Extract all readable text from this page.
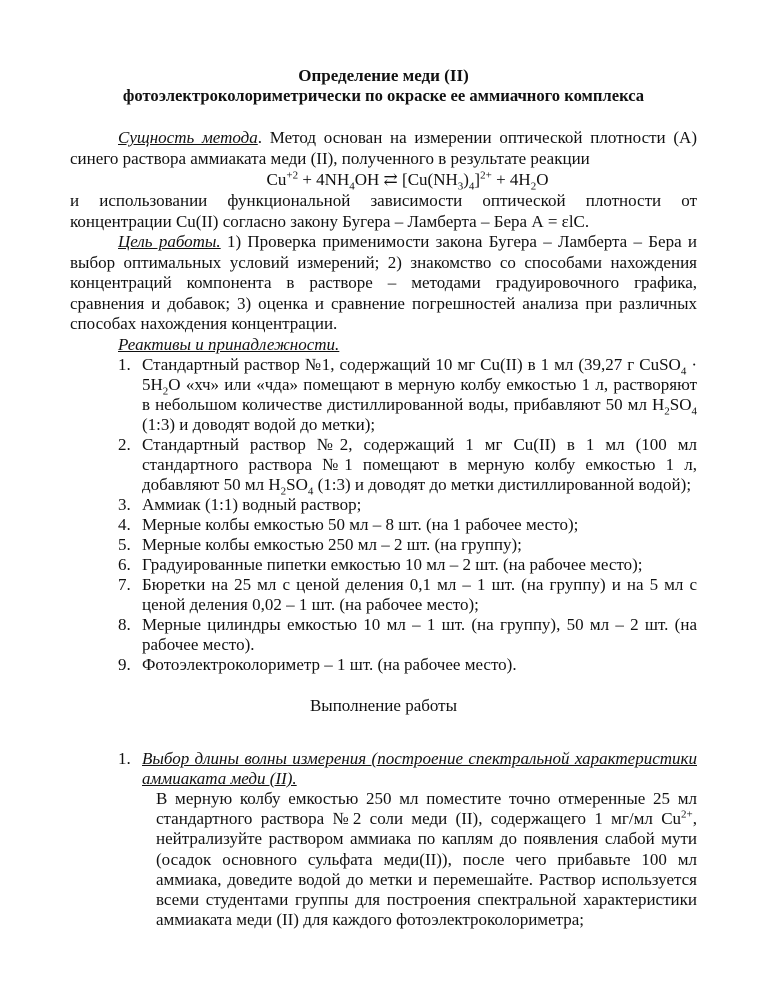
Определение меди (II)
фотоэлектроколориметрически по окраске ее аммиачного комплекса

Сущность метода. Метод основан на измерении оптической плотности (А) синего раствора аммиаката меди (II), полученного в результате реакции

$Cu^{+2} + 4NH_4OH$ ⇄ $[Cu(NH_3)_4]^{2+} + 4H_2O$

и использовании функциональной зависимости оптической плотности от концентрации Cu(II) согласно закону Бугера – Ламберта – Бера А = εlC.

Цель работы. 1) Проверка применимости закона Бугера – Ламберта – Бера и выбор оптимальных условий измерений; 2) знакомство со способами нахождения концентраций компонента в растворе – методами градуировочного графика, сравнения и добавок; 3) оценка и сравнение погрешностей анализа при различных способах нахождения концентрации.

Реактивы и принадлежности.

1. Стандартный раствор №1, содержащий 10 мг Cu(II) в 1 мл (39,27 г CuSO$_4$ · $5H_2O$ «хч» или «чда» помещают в мерную колбу емкостью 1 л, растворяют в небольшом количестве дистиллированной воды, прибавляют 50 мл $H_2SO_4$ (1:3) и доводят водой до метки);
2. Стандартный раствор №2, содержащий 1 мг Cu(II) в 1 мл (100 мл стандартного раствора №1 помещают в мерную колбу емкостью 1 л, добавляют 50 мл $H_2SO_4$ (1:3) и доводят до метки дистиллированной водой);
3. Аммиак (1:1) водный раствор;
4. Мерные колбы емкостью 50 мл – 8 шт. (на 1 рабочее место);
5. Мерные колбы емкостью 250 мл – 2 шт. (на группу);
6. Градуированные пипетки емкостью 10 мл – 2 шт. (на рабочее место);
7. Бюретки на 25 мл с ценой деления 0,1 мл – 1 шт. (на группу) и на 5 мл с ценой деления 0,02 – 1 шт. (на рабочее место);
8. Мерные цилиндры емкостью 10 мл – 1 шт. (на группу), 50 мл – 2 шт. (на рабочее место).
9. Фотоэлектроколориметр – 1 шт. (на рабочее место).
Выполнение работы
1. Выбор длины волны измерения (построение спектральной характеристики аммиаката меди (II).
В мерную колбу емкостью 250 мл поместите точно отмеренные 25 мл стандартного раствора №2 соли меди (II), содержащего 1 мг/мл $Cu^{2+}$, нейтрализуйте раствором аммиака по каплям до появления слабой мути (осадок основного сульфата меди(II)), после чего прибавьте 100 мл аммиака, доведите водой до метки и перемешайте. Раствор используется всеми студентами группы для построения спектральной характеристики аммиаката меди (II) для каждого фотоэлектроколориметра;
